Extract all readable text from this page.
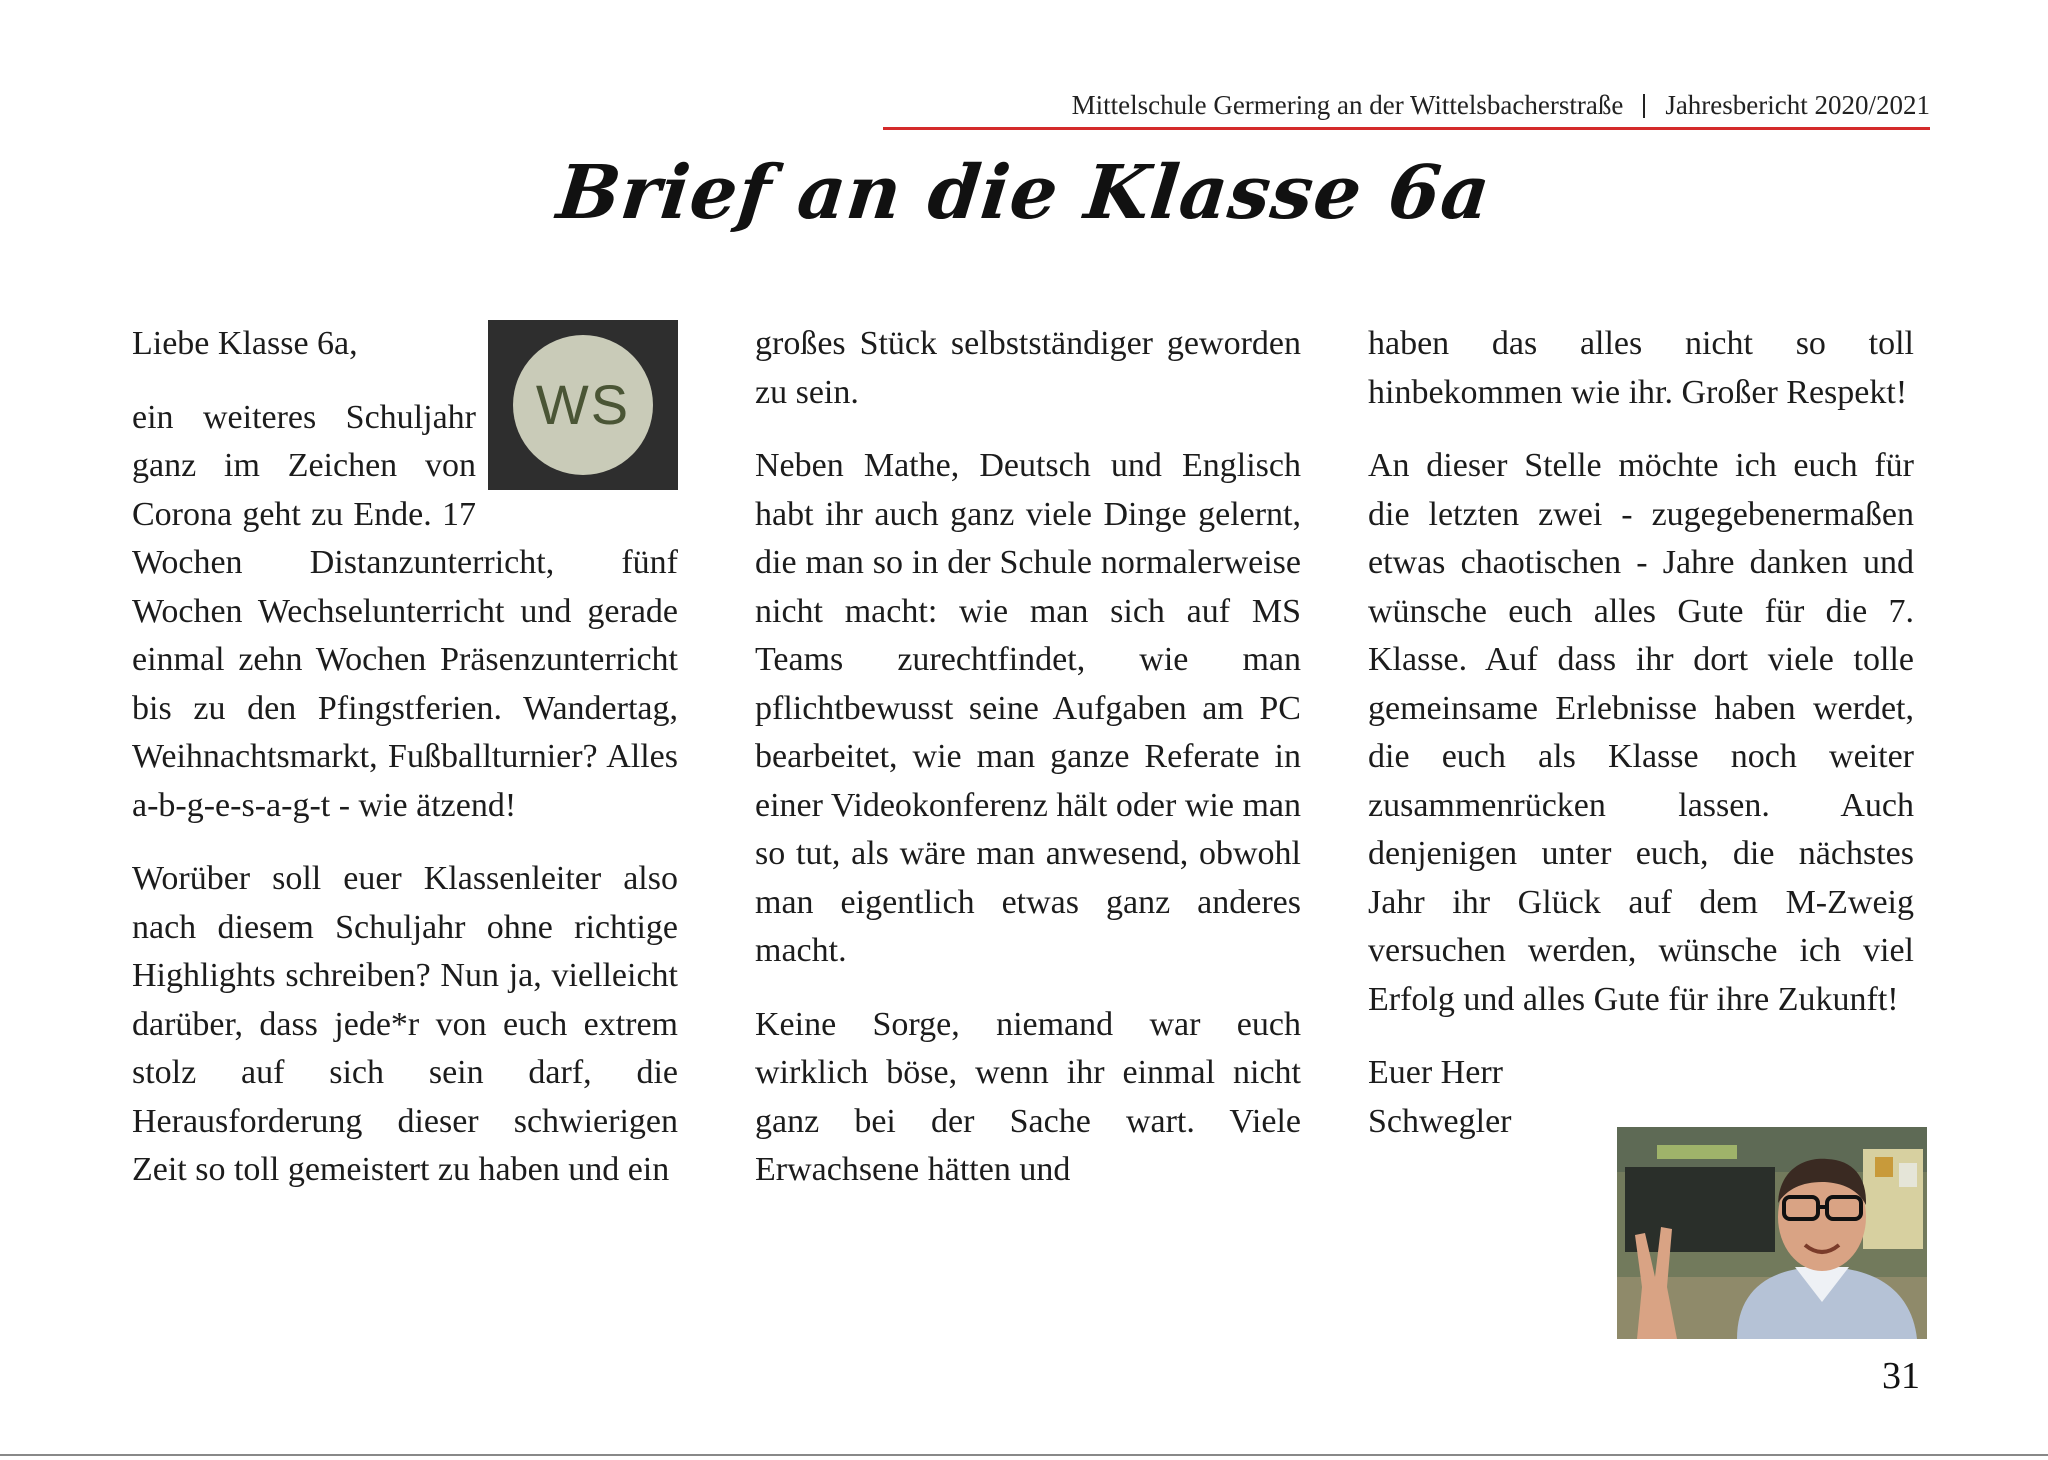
Mittelschule Germering an der Wittelsbacherstraße Jahresbericht 2020/2021
Brief an die Klasse 6a
WS

Liebe Klasse 6a,

ein weiteres Schuljahr ganz im Zeichen von Corona geht zu Ende. 17 Wochen Distanzunterricht, fünf Wochen Wechselunterricht und gerade einmal zehn Wochen Präsenzunterricht bis zu den Pfingstferien. Wandertag, Weihnachtsmarkt, Fußballturnier? Alles a-b-g-e-s-a-g-t - wie ätzend!

Worüber soll euer Klassenleiter also nach diesem Schuljahr ohne richtige Highlights schreiben? Nun ja, vielleicht darüber, dass jede*r von euch extrem stolz auf sich sein darf, die Herausforderung dieser schwierigen Zeit so toll gemeistert zu haben und ein

großes Stück selbstständiger geworden zu sein.

Neben Mathe, Deutsch und Englisch habt ihr auch ganz viele Dinge gelernt, die man so in der Schule normalerweise nicht macht: wie man sich auf MS Teams zurechtfindet, wie man pflichtbewusst seine Aufgaben am PC bearbeitet, wie man ganze Referate in einer Videokonferenz hält oder wie man so tut, als wäre man anwesend, obwohl man eigentlich etwas ganz anderes macht.

Keine Sorge, niemand war euch wirklich böse, wenn ihr einmal nicht ganz bei der Sache wart. Viele Erwachsene hätten und

haben das alles nicht so toll hinbekommen wie ihr. Großer Respekt!

An dieser Stelle möchte ich euch für die letzten zwei - zugegebenermaßen etwas chaotischen - Jahre danken und wünsche euch alles Gute für die 7. Klasse. Auf dass ihr dort viele tolle gemeinsame Erlebnisse haben werdet, die euch als Klasse noch weiter zusammenrücken lassen. Auch denjenigen unter euch, die nächstes Jahr ihr Glück auf dem M-Zweig versuchen werden, wünsche ich viel Erfolg und alles Gute für ihre Zukunft!

Euer Herr
Schwegler
31
